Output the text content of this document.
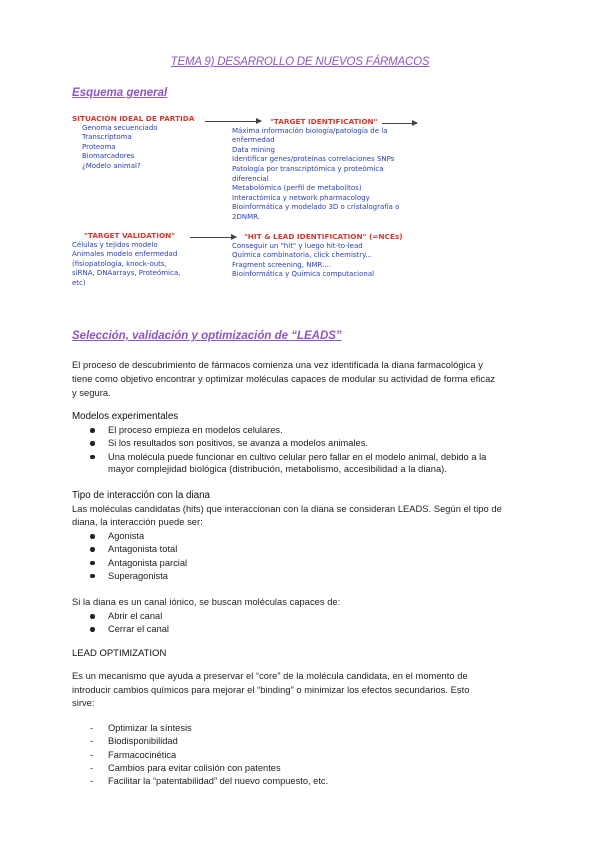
TEMA 9) DESARROLLO DE NUEVOS FÁRMACOS
Esquema general
SITUACIÓN IDEAL DE PARTIDA
Genoma secuenciado
Transcriptoma
Proteoma
Biomarcadores
¿Modelo animal?
"TARGET IDENTIFICATION"
Máxima información biología/patología de la
enfermedad
Data mining
Identificar genes/proteínas correlaciones SNPs
Patología por transcriptómica y proteómica
diferencial
Metabolómica (perfil de metabolitos)
Interactómica y network pharmacology
Bioinformática y modelado 3D o cristalografía o
2DNMR.
"TARGET VALIDATION"
Células y tejidos modelo
Animales modelo enfermedad
(fisiopatología, knock-outs,
siRNA, DNAarrays, Proteómica,
etc)
"HIT & LEAD IDENTIFICATION" (=NCEs)
Conseguir un "hit" y luego hit-to-lead
Química combinatoria, click chemistry...
Fragment screening, NMR....
Bioinformática y Química computacional
Selección, validación y optimización de “LEADS”
El proceso de descubrimiento de fármacos comienza una vez identificada la diana farmacológica y
tiene como objetivo encontrar y optimizar moléculas capaces de modular su actividad de forma eficaz
y segura.
Modelos experimentales
El proceso empieza en modelos celulares.
Si los resultados son positivos, se avanza a modelos animales.
Una molécula puede funcionar en cultivo celular pero fallar en el modelo animal, debido a la
mayor complejidad biológica (distribución, metabolismo, accesibilidad a la diana).
Tipo de interacción con la diana
Las moléculas candidatas (hits) que interaccionan con la diana se consideran LEADS. Según el tipo de
diana, la interacción puede ser:
Agonista
Antagonista total
Antagonista parcial
Superagonista
Si la diana es un canal iónico, se buscan moléculas capaces de:
Abrir el canal
Cerrar el canal
LEAD OPTIMIZATION
Es un mecanismo que ayuda a preservar el “core” de la molécula candidata, en el momento de
introducir cambios químicos para mejorar el “binding” o minimizar los efectos secundarios. Esto
sirve:
- Optimizar la síntesis
- Biodisponibilidad
- Farmacocinética
- Cambios para evitar colisión con patentes
- Facilitar la “patentabilidad” del nuevo compuesto, etc.
